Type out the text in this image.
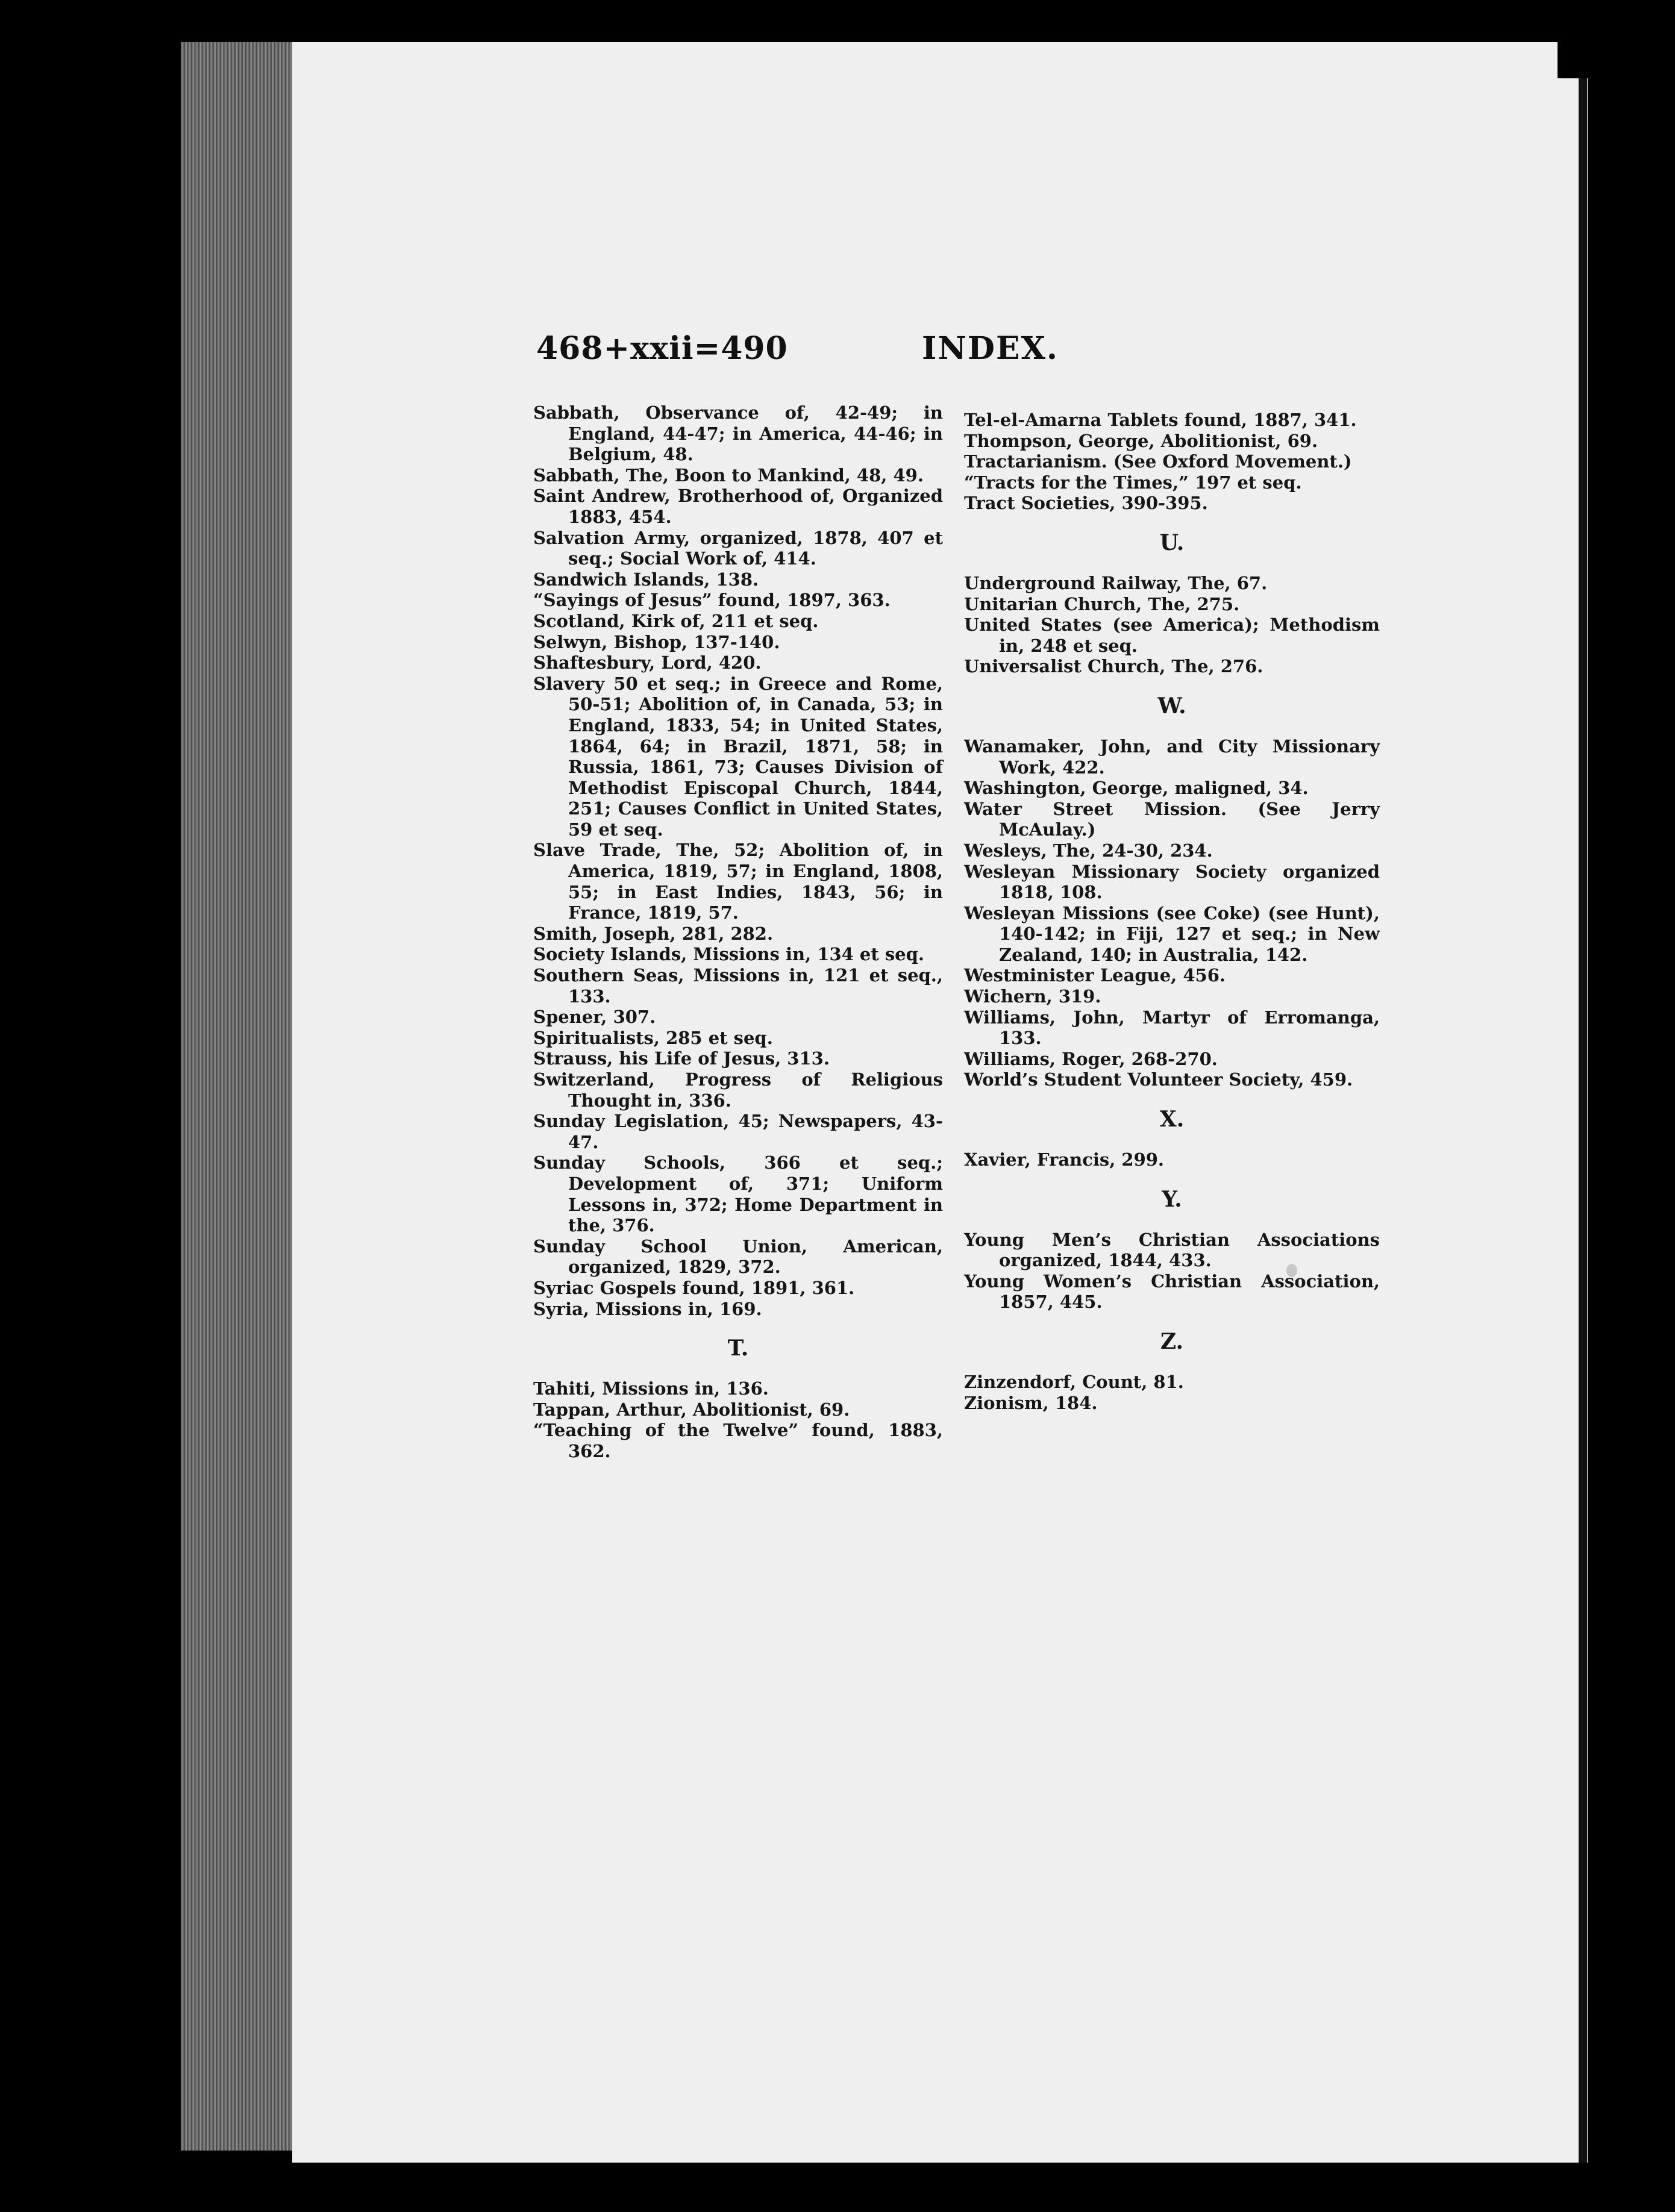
468+xxii=490	INDEX.

Sabbath, Observance of, 42-49; in England, 44-47; in America, 44-46; in Belgium, 48.

Sabbath, The, Boon to Mankind, 48, 49.

Saint Andrew, Brotherhood of, Organized 1883, 454.

Salvation Army, organized, 1878, 407 et seq.; Social Work of, 414.

Sandwich Islands, 138.

“Sayings of Jesus” found, 1897, 363.

Scotland, Kirk of, 211 et seq.

Selwyn, Bishop, 137-140.

Shaftesbury, Lord, 420.

Slavery 50 et seq.; in Greece and Rome, 50-51; Abolition of, in Canada, 53; in England, 1833, 54; in United States, 1864, 64; in Brazil, 1871, 58; in Russia, 1861, 73; Causes Division of Methodist Episcopal Church, 1844, 251; Causes Conflict in United States, 59 et seq.

Slave Trade, The, 52; Abolition of, in America, 1819, 57; in England, 1808, 55; in East Indies, 1843, 56; in France, 1819, 57.

Smith, Joseph, 281, 282.

Society Islands, Missions in, 134 et seq.

Southern Seas, Missions in, 121 et seq., 133.

Spener, 307.

Spiritualists, 285 et seq.

Strauss, his Life of Jesus, 313.

Switzerland, Progress of Religious Thought in, 336.

Sunday Legislation, 45; Newspapers, 43-47.

Sunday Schools, 366 et seq.; Development of, 371; Uniform Lessons in, 372; Home Department in the, 376.

Sunday School Union, American, organized, 1829, 372.

Syriac Gospels found, 1891, 361.

Syria, Missions in, 169.

T.

Tahiti, Missions in, 136.

Tappan, Arthur, Abolitionist, 69.

“Teaching of the Twelve” found, 1883, 362.

Tel-el-Amarna Tablets found, 1887, 341.

Thompson, George, Abolitionist, 69.

Tractarianism. (See Oxford Movement.)

“Tracts for the Times,” 197 et seq.

Tract Societies, 390-395.

U.

Underground Railway, The, 67.

Unitarian Church, The, 275.

United States (see America); Methodism in, 248 et seq.

Universalist Church, The, 276.

W.

Wanamaker, John, and City Missionary Work, 422.

Washington, George, maligned, 34.

Water Street Mission. (See Jerry McAulay.)

Wesleys, The, 24-30, 234.

Wesleyan Missionary Society organized 1818, 108.

Wesleyan Missions (see Coke) (see Hunt), 140-142; in Fiji, 127 et seq.; in New Zealand, 140; in Australia, 142.

Westminister League, 456.

Wichern, 319.

Williams, John, Martyr of Erromanga, 133.

Williams, Roger, 268-270.

World’s Student Volunteer Society, 459.

X.

Xavier, Francis, 299.

Y.

Young Men’s Christian Associations organized, 1844, 433.

Young Women’s Christian Association, 1857, 445.

Z.

Zinzendorf, Count, 81.

Zionism, 184.
